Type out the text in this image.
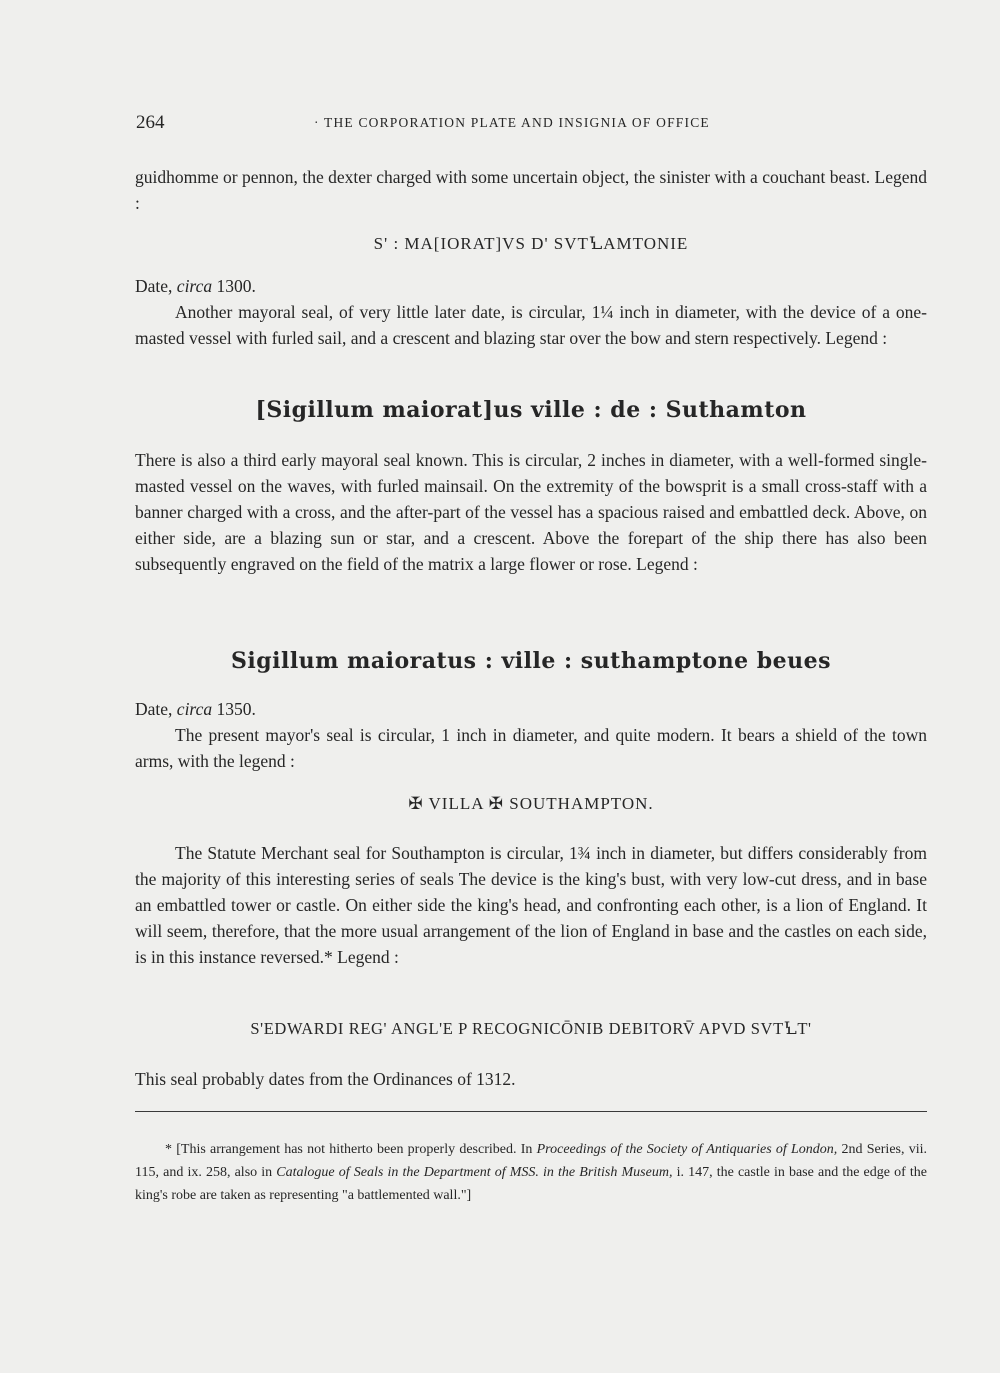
264	· THE CORPORATION PLATE AND INSIGNIA OF OFFICE

guidhomme or pennon, the dexter charged with some uncertain object, the sinister with a couchant beast. Legend :

S' : MA[IORAT]VS D' SVTꝆAMTONIE
Date, circa 1300.

Another mayoral seal, of very little later date, is circular, 1¼ inch in diameter, with the device of a one-masted vessel with furled sail, and a crescent and blazing star over the bow and stern respectively. Legend :

[Sigillum maiorat]us ville : de : Suthamton

There is also a third early mayoral seal known. This is circular, 2 inches in diameter, with a well-formed single-masted vessel on the waves, with furled mainsail. On the extremity of the bowsprit is a small cross-staff with a banner charged with a cross, and the after-part of the vessel has a spacious raised and embattled deck. Above, on either side, are a blazing sun or star, and a crescent. Above the forepart of the ship there has also been subsequently engraved on the field of the matrix a large flower or rose. Legend :

Sigillum maioratus : ville : suthamptone beues
Date, circa 1350.

The present mayor's seal is circular, 1 inch in diameter, and quite modern. It bears a shield of the town arms, with the legend :

✠ VILLA ✠ SOUTHAMPTON.

The Statute Merchant seal for Southampton is circular, 1¾ inch in diameter, but differs considerably from the majority of this interesting series of seals The device is the king's bust, with very low-cut dress, and in base an embattled tower or castle. On either side the king's head, and confronting each other, is a lion of England. It will seem, therefore, that the more usual arrangement of the lion of England in base and the castles on each side, is in this instance reversed.* Legend :

S'EDWARDI REG' ANGL'E P RECOGNICŌNIB DEBITORV̄ APVD SVTꝆT'

This seal probably dates from the Ordinances of 1312.

* [This arrangement has not hitherto been properly described. In Proceedings of the Society of Antiquaries of London, 2nd Series, vii. 115, and ix. 258, also in Catalogue of Seals in the Department of MSS. in the British Museum, i. 147, the castle in base and the edge of the king's robe are taken as representing "a battlemented wall."]
